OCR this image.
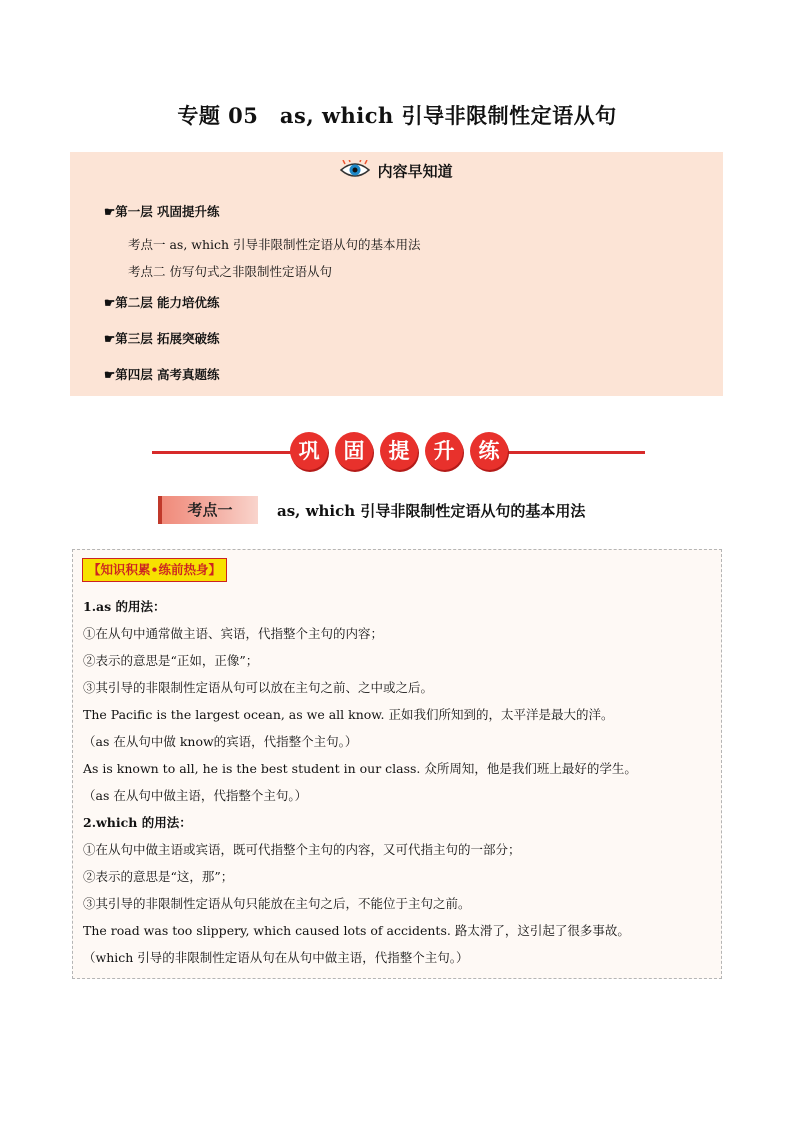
专题 05　as, which 引导非限制性定语从句
内容早知道
☛第一层 巩固提升练
考点一 as, which 引导非限制性定语从句的基本用法
考点二 仿写句式之非限制性定语从句
☛第二层 能力培优练
☛第三层 拓展突破练
☛第四层 高考真题练
巩	固	提	升	练
考点一	as, which 引导非限制性定语从句的基本用法
【知识积累•练前热身】
1.as 的用法：
①在从句中通常做主语、宾语，代指整个主句的内容；
②表示的意思是“正如，正像”；
③其引导的非限制性定语从句可以放在主句之前、之中或之后。
The Pacific is the largest ocean, as we all know. 正如我们所知到的，太平洋是最大的洋。
（as 在从句中做 know的宾语，代指整个主句。）
As is known to all, he is the best student in our class. 众所周知，他是我们班上最好的学生。
（as 在从句中做主语，代指整个主句。）
2.which 的用法：
①在从句中做主语或宾语，既可代指整个主句的内容，又可代指主句的一部分；
②表示的意思是“这，那”；
③其引导的非限制性定语从句只能放在主句之后，不能位于主句之前。
The road was too slippery, which caused lots of accidents. 路太滑了，这引起了很多事故。
（which 引导的非限制性定语从句在从句中做主语，代指整个主句。）
